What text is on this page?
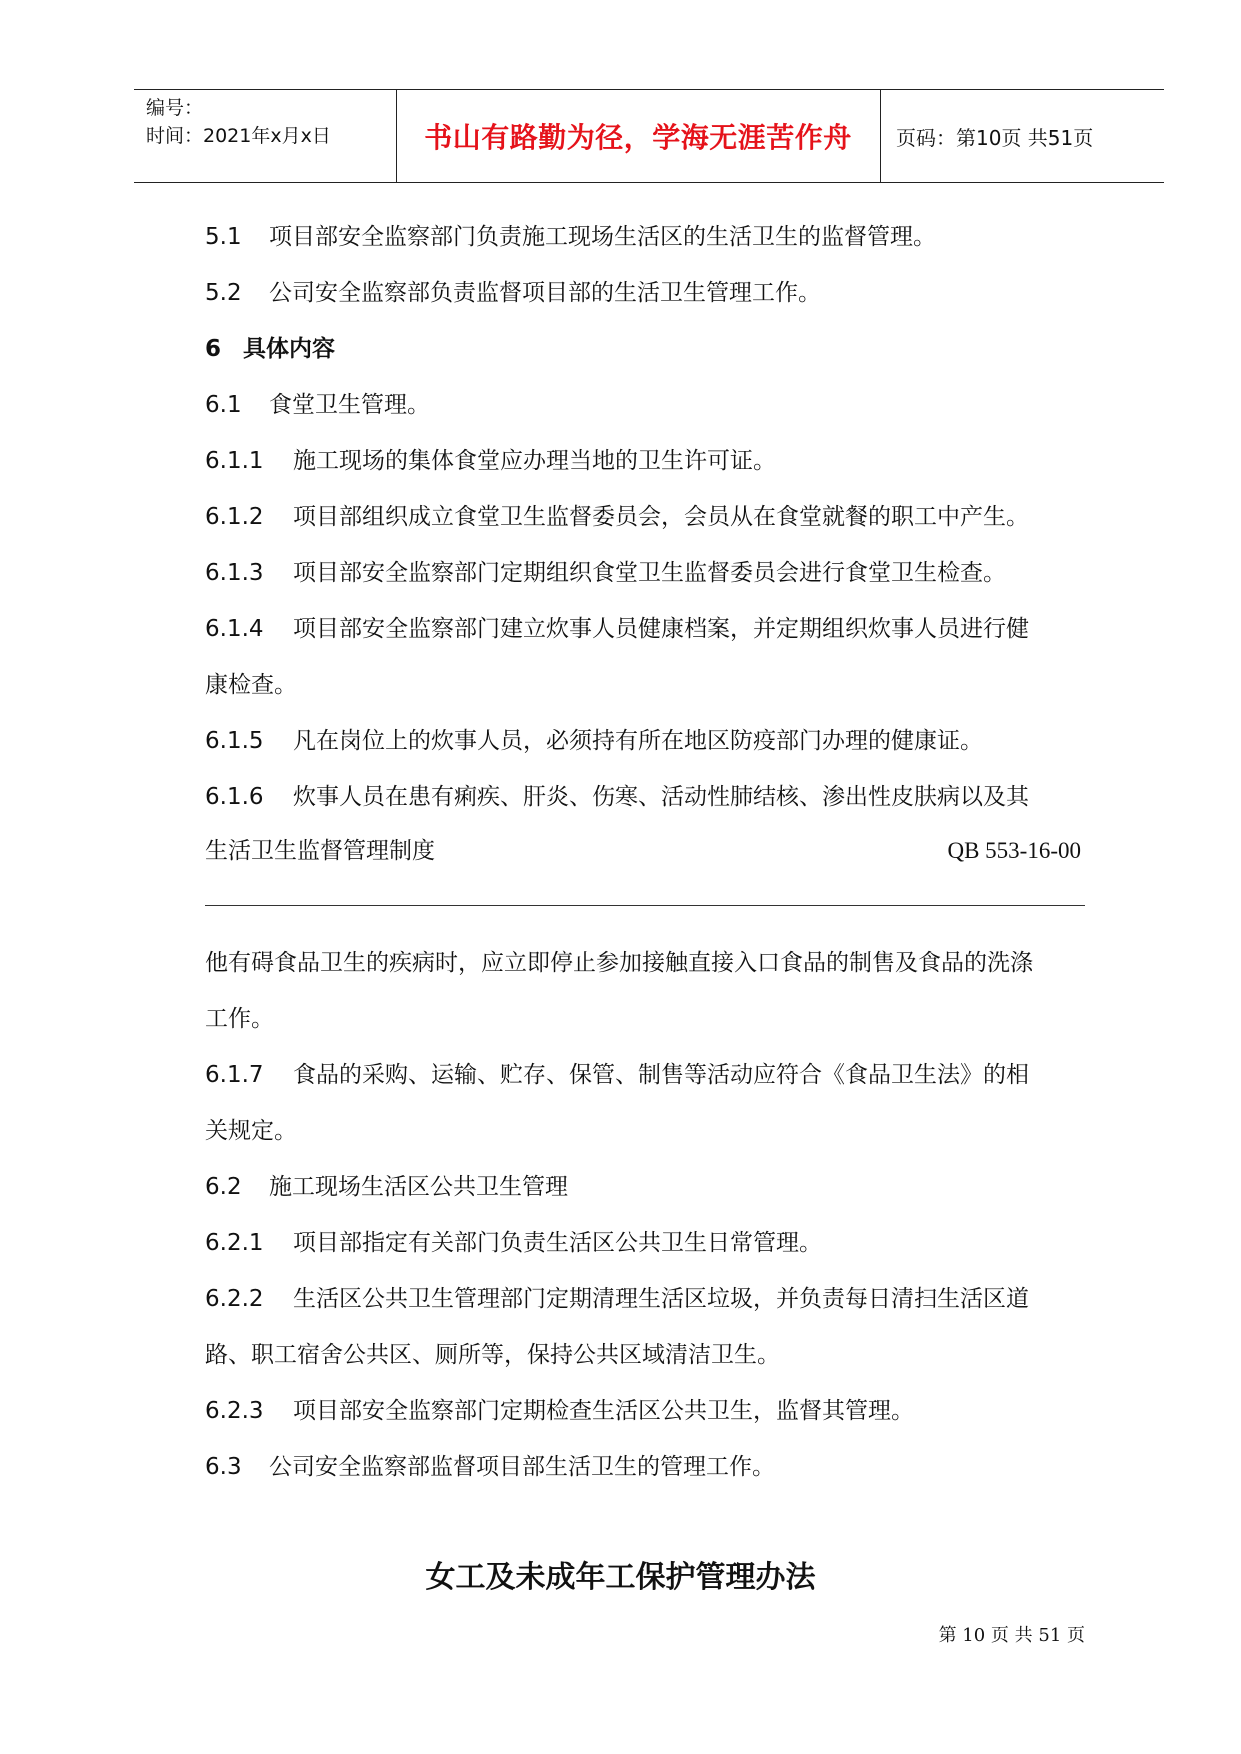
编号：
时间：2021年x月x日	书山有路勤为径，学海无涯苦作舟	页码：第10页 共51页
5.1 项目部安全监察部门负责施工现场生活区的生活卫生的监督管理。
5.2 公司安全监察部负责监督项目部的生活卫生管理工作。
6 具体内容
6.1 食堂卫生管理。
6.1.1 施工现场的集体食堂应办理当地的卫生许可证。
6.1.2 项目部组织成立食堂卫生监督委员会，会员从在食堂就餐的职工中产生。
6.1.3 项目部安全监察部门定期组织食堂卫生监督委员会进行食堂卫生检查。
6.1.4 项目部安全监察部门建立炊事人员健康档案，并定期组织炊事人员进行健
康检查。
6.1.5 凡在岗位上的炊事人员，必须持有所在地区防疫部门办理的健康证。
6.1.6 炊事人员在患有痢疾、肝炎、伤寒、活动性肺结核、渗出性皮肤病以及其
生活卫生监督管理制度	QB 553-16-00
他有碍食品卫生的疾病时，应立即停止参加接触直接入口食品的制售及食品的洗涤
工作。
6.1.7 食品的采购、运输、贮存、保管、制售等活动应符合《食品卫生法》的相
关规定。
6.2 施工现场生活区公共卫生管理
6.2.1 项目部指定有关部门负责生活区公共卫生日常管理。
6.2.2 生活区公共卫生管理部门定期清理生活区垃圾，并负责每日清扫生活区道
路、职工宿舍公共区、厕所等，保持公共区域清洁卫生。
6.2.3 项目部安全监察部门定期检查生活区公共卫生，监督其管理。
6.3 公司安全监察部监督项目部生活卫生的管理工作。
女工及未成年工保护管理办法
第 10 页 共 51 页
